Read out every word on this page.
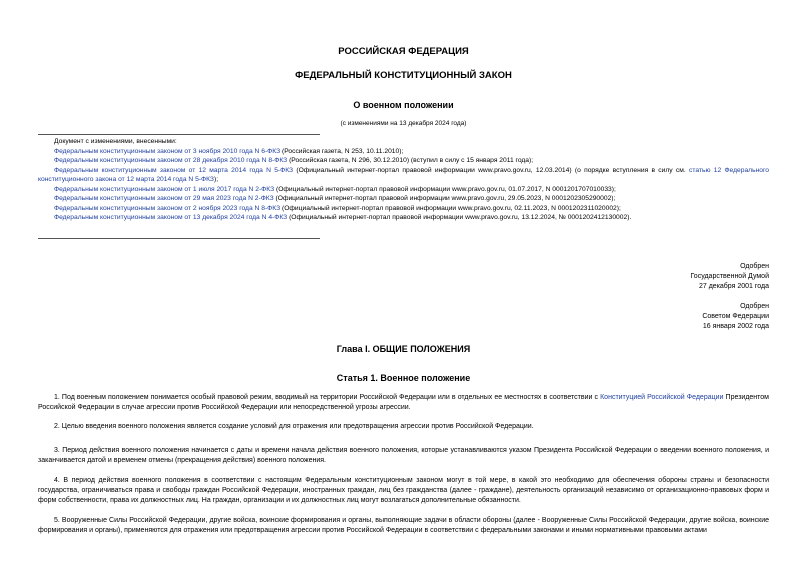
РОССИЙСКАЯ ФЕДЕРАЦИЯ
ФЕДЕРАЛЬНЫЙ КОНСТИТУЦИОННЫЙ ЗАКОН
О военном положении
(с изменениями на 13 декабря 2024 года)

Документ с изменениями, внесенными:

Федеральным конституционным законом от 3 ноября 2010 года N 6-ФКЗ (Российская газета, N 253, 10.11.2010);

Федеральным конституционным законом от 28 декабря 2010 года N 8-ФКЗ (Российская газета, N 296, 30.12.2010) (вступил в силу с 15 января 2011 года);

Федеральным конституционным законом от 12 марта 2014 года N 5-ФКЗ (Официальный интернет-портал правовой информации www.pravo.gov.ru, 12.03.2014) (о порядке вступления в силу см. статью 12 Федерального конституционного закона от 12 марта 2014 года N 5-ФКЗ);

Федеральным конституционным законом от 1 июля 2017 года N 2-ФКЗ (Официальный интернет-портал правовой информации www.pravo.gov.ru, 01.07.2017, N 0001201707010033);

Федеральным конституционным законом от 29 мая 2023 года N 2-ФКЗ (Официальный интернет-портал правовой информации www.pravo.gov.ru, 29.05.2023, N 0001202305290002);

Федеральным конституционным законом от 2 ноября 2023 года N 8-ФКЗ (Официальный интернет-портал правовой информации www.pravo.gov.ru, 02.11.2023, N 0001202311020002);

Федеральным конституционным законом от 13 декабря 2024 года N 4-ФКЗ (Официальный интернет-портал правовой информации www.pravo.gov.ru, 13.12.2024, № 0001202412130002).

Одобрен
Государственной Думой
27 декабря 2001 года
Одобрен
Советом Федерации
16 января 2002 года
Глава I. ОБЩИЕ ПОЛОЖЕНИЯ
Статья 1. Военное положение

1. Под военным положением понимается особый правовой режим, вводимый на территории Российской Федерации или в отдельных ее местностях в соответствии с Конституцией Российской Федерации Президентом Российской Федерации в случае агрессии против Российской Федерации или непосредственной угрозы агрессии.

2. Целью введения военного положения является создание условий для отражения или предотвращения агрессии против Российской Федерации.

3. Период действия военного положения начинается с даты и времени начала действия военного положения, которые устанавливаются указом Президента Российской Федерации о введении военного положения, и заканчивается датой и временем отмены (прекращения действия) военного положения.

4. В период действия военного положения в соответствии с настоящим Федеральным конституционным законом могут в той мере, в какой это необходимо для обеспечения обороны страны и безопасности государства, ограничиваться права и свободы граждан Российской Федерации, иностранных граждан, лиц без гражданства (далее - граждане), деятельность организаций независимо от организационно-правовых форм и форм собственности, права их должностных лиц. На граждан, организации и их должностных лиц могут возлагаться дополнительные обязанности.

5. Вооруженные Силы Российской Федерации, другие войска, воинские формирования и органы, выполняющие задачи в области обороны (далее - Вооруженные Силы Российской Федерации, другие войска, воинские формирования и органы), применяются для отражения или предотвращения агрессии против Российской Федерации в соответствии с федеральными законами и иными нормативными правовыми актами
